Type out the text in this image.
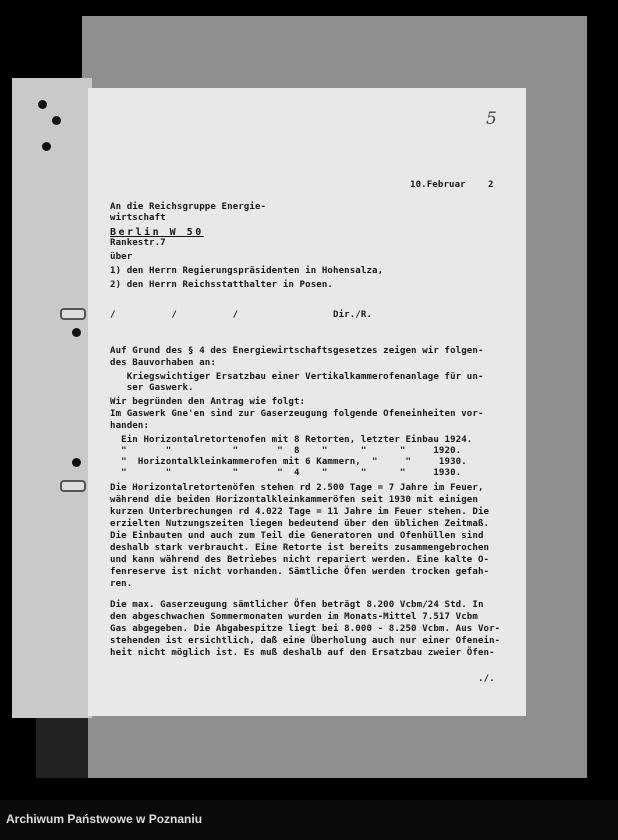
5
10.Februar    2
An die Reichsgruppe Energie-
wirtschaft
Berlin W 50
Rankestr.7
über
1) den Herrn Regierungspräsidenten in Hohensalza,
2) den Herrn Reichsstatthalter in Posen.
/          /          /                 Dir./R.
Auf Grund des § 4 des Energiewirtschaftsgesetzes zeigen wir folgen-
des Bauvorhaben an:
Kriegswichtiger Ersatzbau einer Vertikalkammerofenanlage für un-
ser Gaswerk.
Wir begründen den Antrag wie folgt:
Im Gaswerk Gne'en sind zur Gaserzeugung folgende Ofeneinheiten vor-
handen:
Ein Horizontalretortenofen mit 8 Retorten, letzter Einbau 1924.
"       "           "       "  8    "      "      "     1920.
"  Horizontalkleinkammerofen mit 6 Kammern,  "     "     1930.
"       "           "       "  4    "      "      "     1930.
Die Horizontalretortenöfen stehen rd 2.500 Tage = 7 Jahre im Feuer,
während die beiden Horizontalkleinkammeröfen seit 1930 mit einigen
kurzen Unterbrechungen rd 4.022 Tage = 11 Jahre im Feuer stehen. Die
erzielten Nutzungszeiten liegen bedeutend über den üblichen Zeitmaß.
Die Einbauten und auch zum Teil die Generatoren und Ofenhüllen sind
deshalb stark verbraucht. Eine Retorte ist bereits zusammengebrochen
und kann während des Betriebes nicht repariert werden. Eine kalte O-
fenreserve ist nicht vorhanden. Sämtliche Öfen werden trocken gefah-
ren.
Die max. Gaserzeugung sämtlicher Öfen beträgt 8.200 Vcbm/24 Std. In
den abgeschwachen Sommermonaten wurden im Monats-Mittel 7.517 Vcbm
Gas abgegeben. Die Abgabespitze liegt bei 8.000 - 8.250 Vcbm. Aus Vor-
stehenden ist ersichtlich, daß eine Überholung auch nur einer Ofenein-
heit nicht möglich ist. Es muß deshalb auf den Ersatzbau zweier Öfen-
./.
Archiwum Państwowe w Poznaniu
